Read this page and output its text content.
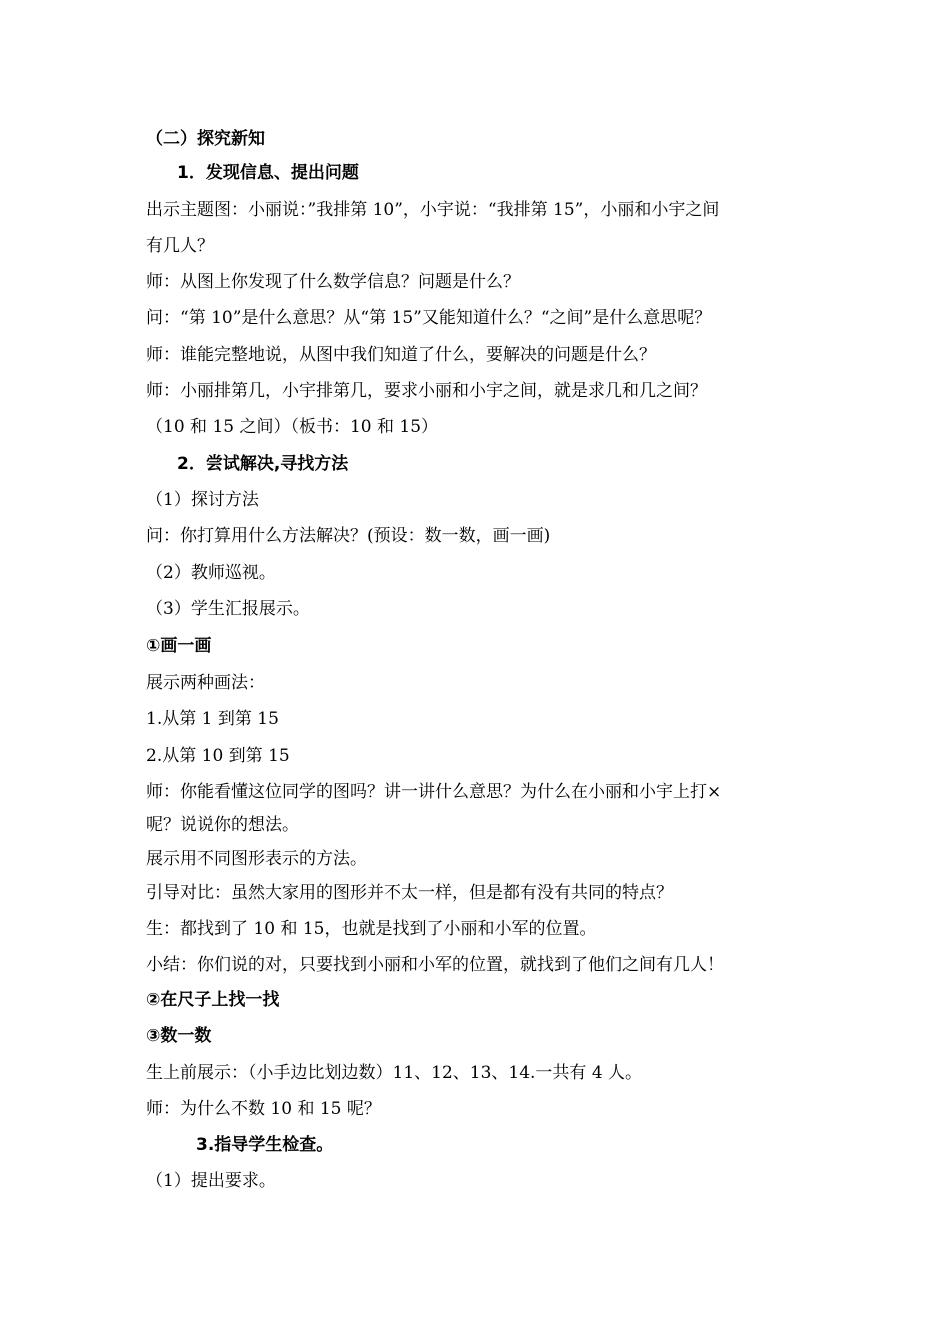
（二）探究新知
1．发现信息、提出问题
出示主题图：小丽说：”我排第 10”，小宇说：“我排第 15”，小丽和小宇之间
有几人？
师：从图上你发现了什么数学信息？问题是什么？
问：“第 10”是什么意思？从“第 15”又能知道什么？“之间”是什么意思呢？
师：谁能完整地说，从图中我们知道了什么，要解决的问题是什么？
师：小丽排第几，小宇排第几，要求小丽和小宇之间，就是求几和几之间？
（10 和 15 之间）（板书：10 和 15）
2．尝试解决,寻找方法
（1）探讨方法
问：你打算用什么方法解决？(预设：数一数，画一画)
（2）教师巡视。
（3）学生汇报展示。
①画一画
展示两种画法：
1.从第 1 到第 15
2.从第 10 到第 15
师：你能看懂这位同学的图吗？讲一讲什么意思？为什么在小丽和小宇上打×
呢？说说你的想法。
展示用不同图形表示的方法。
引导对比：虽然大家用的图形并不太一样，但是都有没有共同的特点？
生：都找到了 10 和 15，也就是找到了小丽和小军的位置。
小结：你们说的对，只要找到小丽和小军的位置，就找到了他们之间有几人！
②在尺子上找一找
③数一数
生上前展示：（小手边比划边数）11、12、13、14.一共有 4 人。
师：为什么不数 10 和 15 呢？
3.指导学生检查。
（1）提出要求。
